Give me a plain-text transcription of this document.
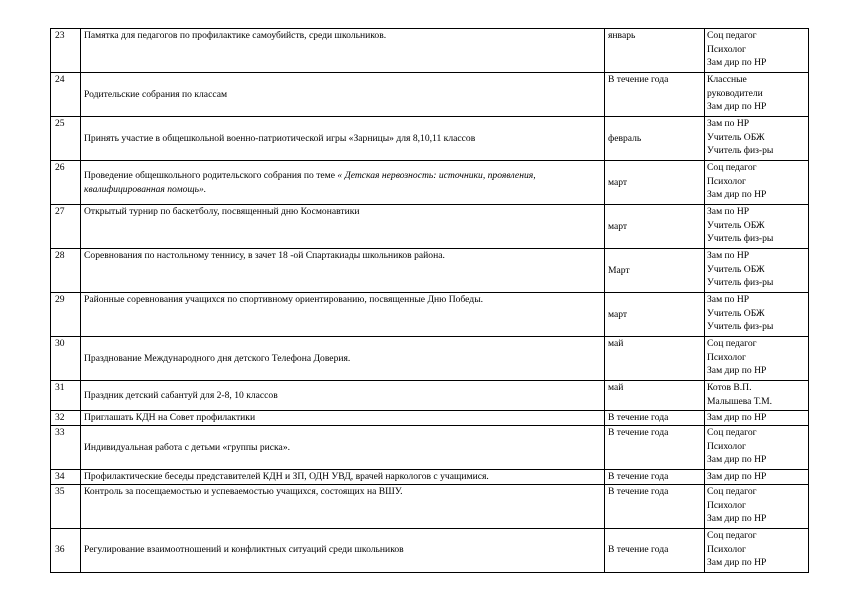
23	Памятка для педагогов по профилактике самоубийств, среди школьников.	январь	Соц педагог
Психолог
Зам дир по НР

24	Родительские собрания по классам	В течение года	Классные
руководители
Зам дир по НР

25	Принять участие в общешкольной военно-патриотической игры «Зарницы» для 8,10,11 классов	февраль	Зам по НР
Учитель ОБЖ
Учитель физ-ры

26	Проведение общешкольного родительского собрания по теме « Детская нервозность: источники, проявления, квалифицированная помощь».	март	Соц педагог
Психолог
Зам дир по НР

27	Открытый турнир по баскетболу, посвященный дню Космонавтики	март	Зам по НР
Учитель ОБЖ
Учитель физ-ры

28	Соревнования по настольному теннису, в зачет 18 -ой Спартакиады школьников района.	Март	Зам по НР
Учитель ОБЖ
Учитель физ-ры

29	Районные соревнования учащихся по спортивному ориентированию, посвященные Дню Победы.	март	Зам по НР
Учитель ОБЖ
Учитель физ-ры

30	Празднование Международного дня детского Телефона Доверия.	май	Соц педагог
Психолог
Зам дир по НР

31	Праздник детский сабантуй для 2-8, 10 классов	май	Котов В.П.
Малышева Т.М.

32	Приглашать КДН на Совет профилактики	В течение года	Зам дир по НР

33	Индивидуальная работа с детьми «группы риска».	В течение года	Соц педагог
Психолог
Зам дир по НР

34	Профилактические беседы представителей КДН и ЗП, ОДН УВД, врачей наркологов с учащимися.	В течение года	Зам дир по НР

35	Контроль за посещаемостью и успеваемостью учащихся, состоящих на ВШУ.	В течение года	Соц педагог
Психолог
Зам дир по НР

36	Регулирование взаимоотношений и конфликтных ситуаций среди школьников	В течение года	Соц педагог
Психолог
Зам дир по НР
